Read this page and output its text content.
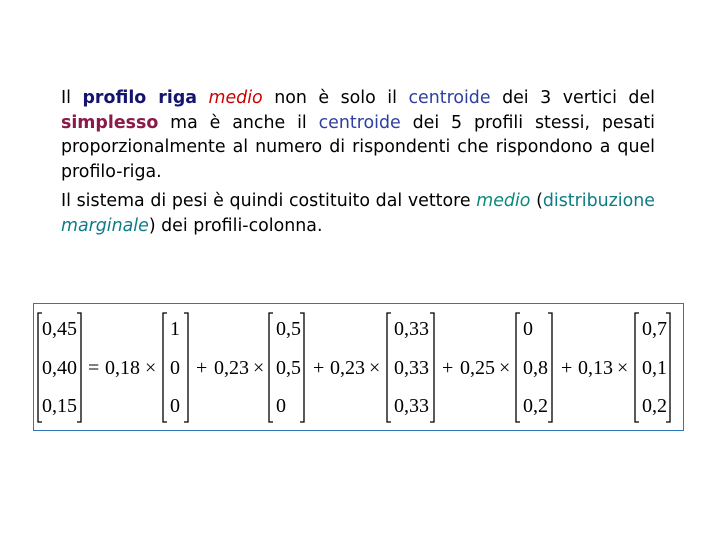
Il profilo riga medio non è solo il centroide dei 3 vertici del simplesso ma è anche il centroide dei 5 profili stessi, pesati proporzionalmente al numero di rispondenti che rispondono a quel profilo-riga.

Il sistema di pesi è quindi costituito dal vettore medio (distribuzione marginale) dei profili-colonna.

0,45
0,40
0,15
= 0,18 ×
1
0
0
+ 0,23 ×
0,5
0,5
0
+ 0,23 ×
0,33
0,33
0,33
+ 0,25 ×
0
0,8
0,2
+ 0,13 ×
0,7
0,1
0,2
